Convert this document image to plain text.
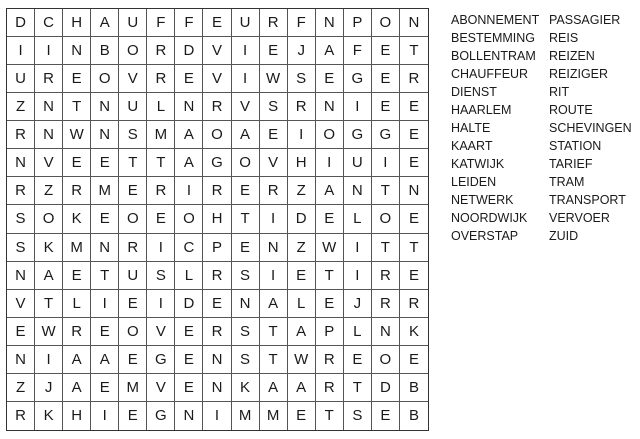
D	C	H	A	U	F	F	E	U	R	F	N	P	O	N
I	I	N	B	O	R	D	V	I	E	J	A	F	E	T
U	R	E	O	V	R	E	V	I	W	S	E	G	E	R
Z	N	T	N	U	L	N	R	V	S	R	N	I	E	E
R	N	W	N	S	M	A	O	A	E	I	O	G	G	E
N	V	E	E	T	T	A	G	O	V	H	I	U	I	E
R	Z	R	M	E	R	I	R	E	R	Z	A	N	T	N
S	O	K	E	O	E	O	H	T	I	D	E	L	O	E
S	K	M	N	R	I	C	P	E	N	Z	W	I	T	T
N	A	E	T	U	S	L	R	S	I	E	T	I	R	E
V	T	L	I	E	I	D	E	N	A	L	E	J	R	R
E	W	R	E	O	V	E	R	S	T	A	P	L	N	K
N	I	A	A	E	G	E	N	S	T	W	R	E	O	E
Z	J	A	E	M	V	E	N	K	A	A	R	T	D	B
R	K	H	I	E	G	N	I	M	M	E	T	S	E	B
ABONNEMENT
BESTEMMING
BOLLENTRAM
CHAUFFEUR
DIENST
HAARLEM
HALTE
KAART
KATWIJK
LEIDEN
NETWERK
NOORDWIJK
OVERSTAP
PASSAGIER
REIS
REIZEN
REIZIGER
RIT
ROUTE
SCHEVINGEN
STATION
TARIEF
TRAM
TRANSPORT
VERVOER
ZUID
